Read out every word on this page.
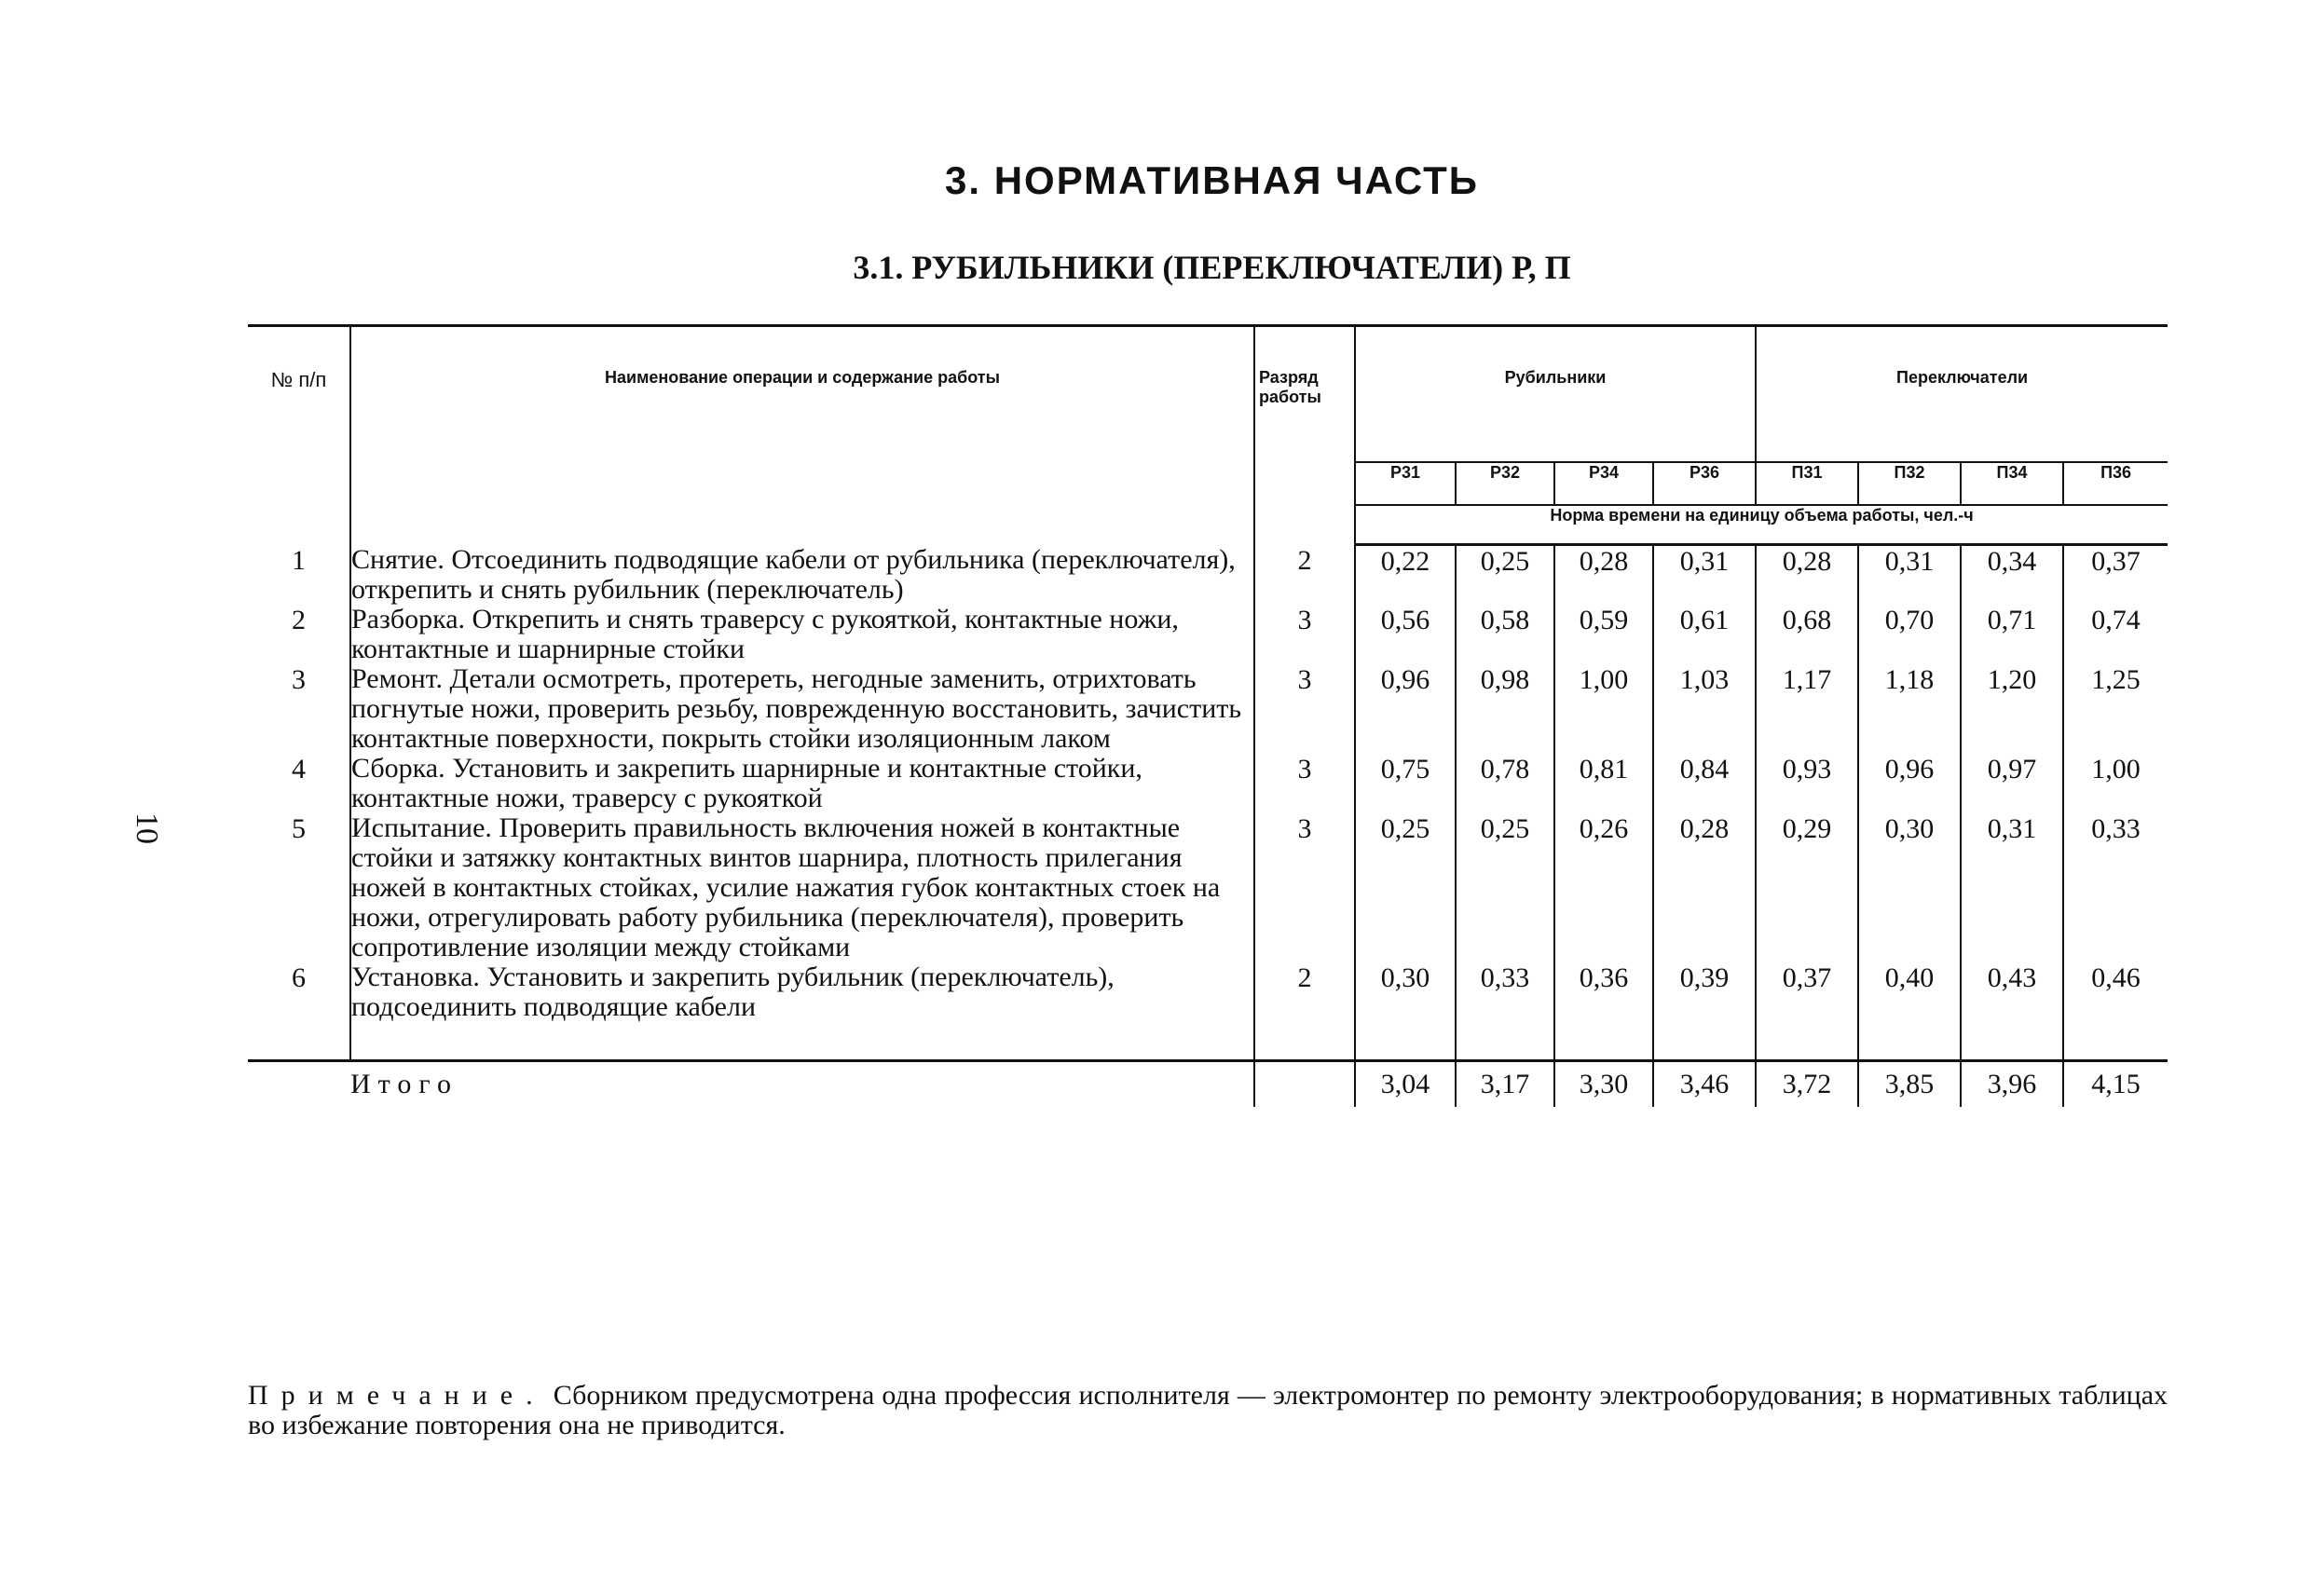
10
3. НОРМАТИВНАЯ ЧАСТЬ
3.1. РУБИЛЬНИКИ (ПЕРЕКЛЮЧАТЕЛИ) Р, П
№ п/п	Наименование операции и содержание работы	Разряд работы	Рубильники				Переключатели			
			Р31	Р32	Р34	Р36	П31	П32	П34	П36
			Норма времени на единицу объема работы, чел.-ч							
1	Снятие. Отсоединить подводящие кабели от рубильника (переключателя), открепить и снять рубильник (переключатель)	2	0,22	0,25	0,28	0,31	0,28	0,31	0,34	0,37
2	Разборка. Открепить и снять траверсу с рукояткой, контактные ножи, контактные и шарнирные стойки	3	0,56	0,58	0,59	0,61	0,68	0,70	0,71	0,74
3	Ремонт. Детали осмотреть, протереть, негодные заменить, отрихтовать погнутые ножи, проверить резьбу, поврежденную восстановить, зачистить контактные поверхности, покрыть стойки изоляционным лаком	3	0,96	0,98	1,00	1,03	1,17	1,18	1,20	1,25
4	Сборка. Установить и закрепить шарнирные и контактные стойки, контактные ножи, траверсу с рукояткой	3	0,75	0,78	0,81	0,84	0,93	0,96	0,97	1,00
5	Испытание. Проверить правильность включения ножей в контактные стойки и затяжку контактных винтов шарнира, плотность прилегания ножей в контактных стойках, усилие нажатия губок контактных стоек на ножи, отрегулировать работу рубильника (переключателя), проверить сопротивление изоляции между стойками	3	0,25	0,25	0,26	0,28	0,29	0,30	0,31	0,33
6	Установка. Установить и закрепить рубильник (переключатель), подсоединить подводящие кабели	2	0,30	0,33	0,36	0,39	0,37	0,40	0,43	0,46
Итого			3,04	3,17	3,30	3,46	3,72	3,85	3,96	4,15
Примечание. Сборником предусмотрена одна профессия исполнителя — электромонтер по ремонту электрооборудования; в нормативных таблицах во избежание повторения она не приводится.
